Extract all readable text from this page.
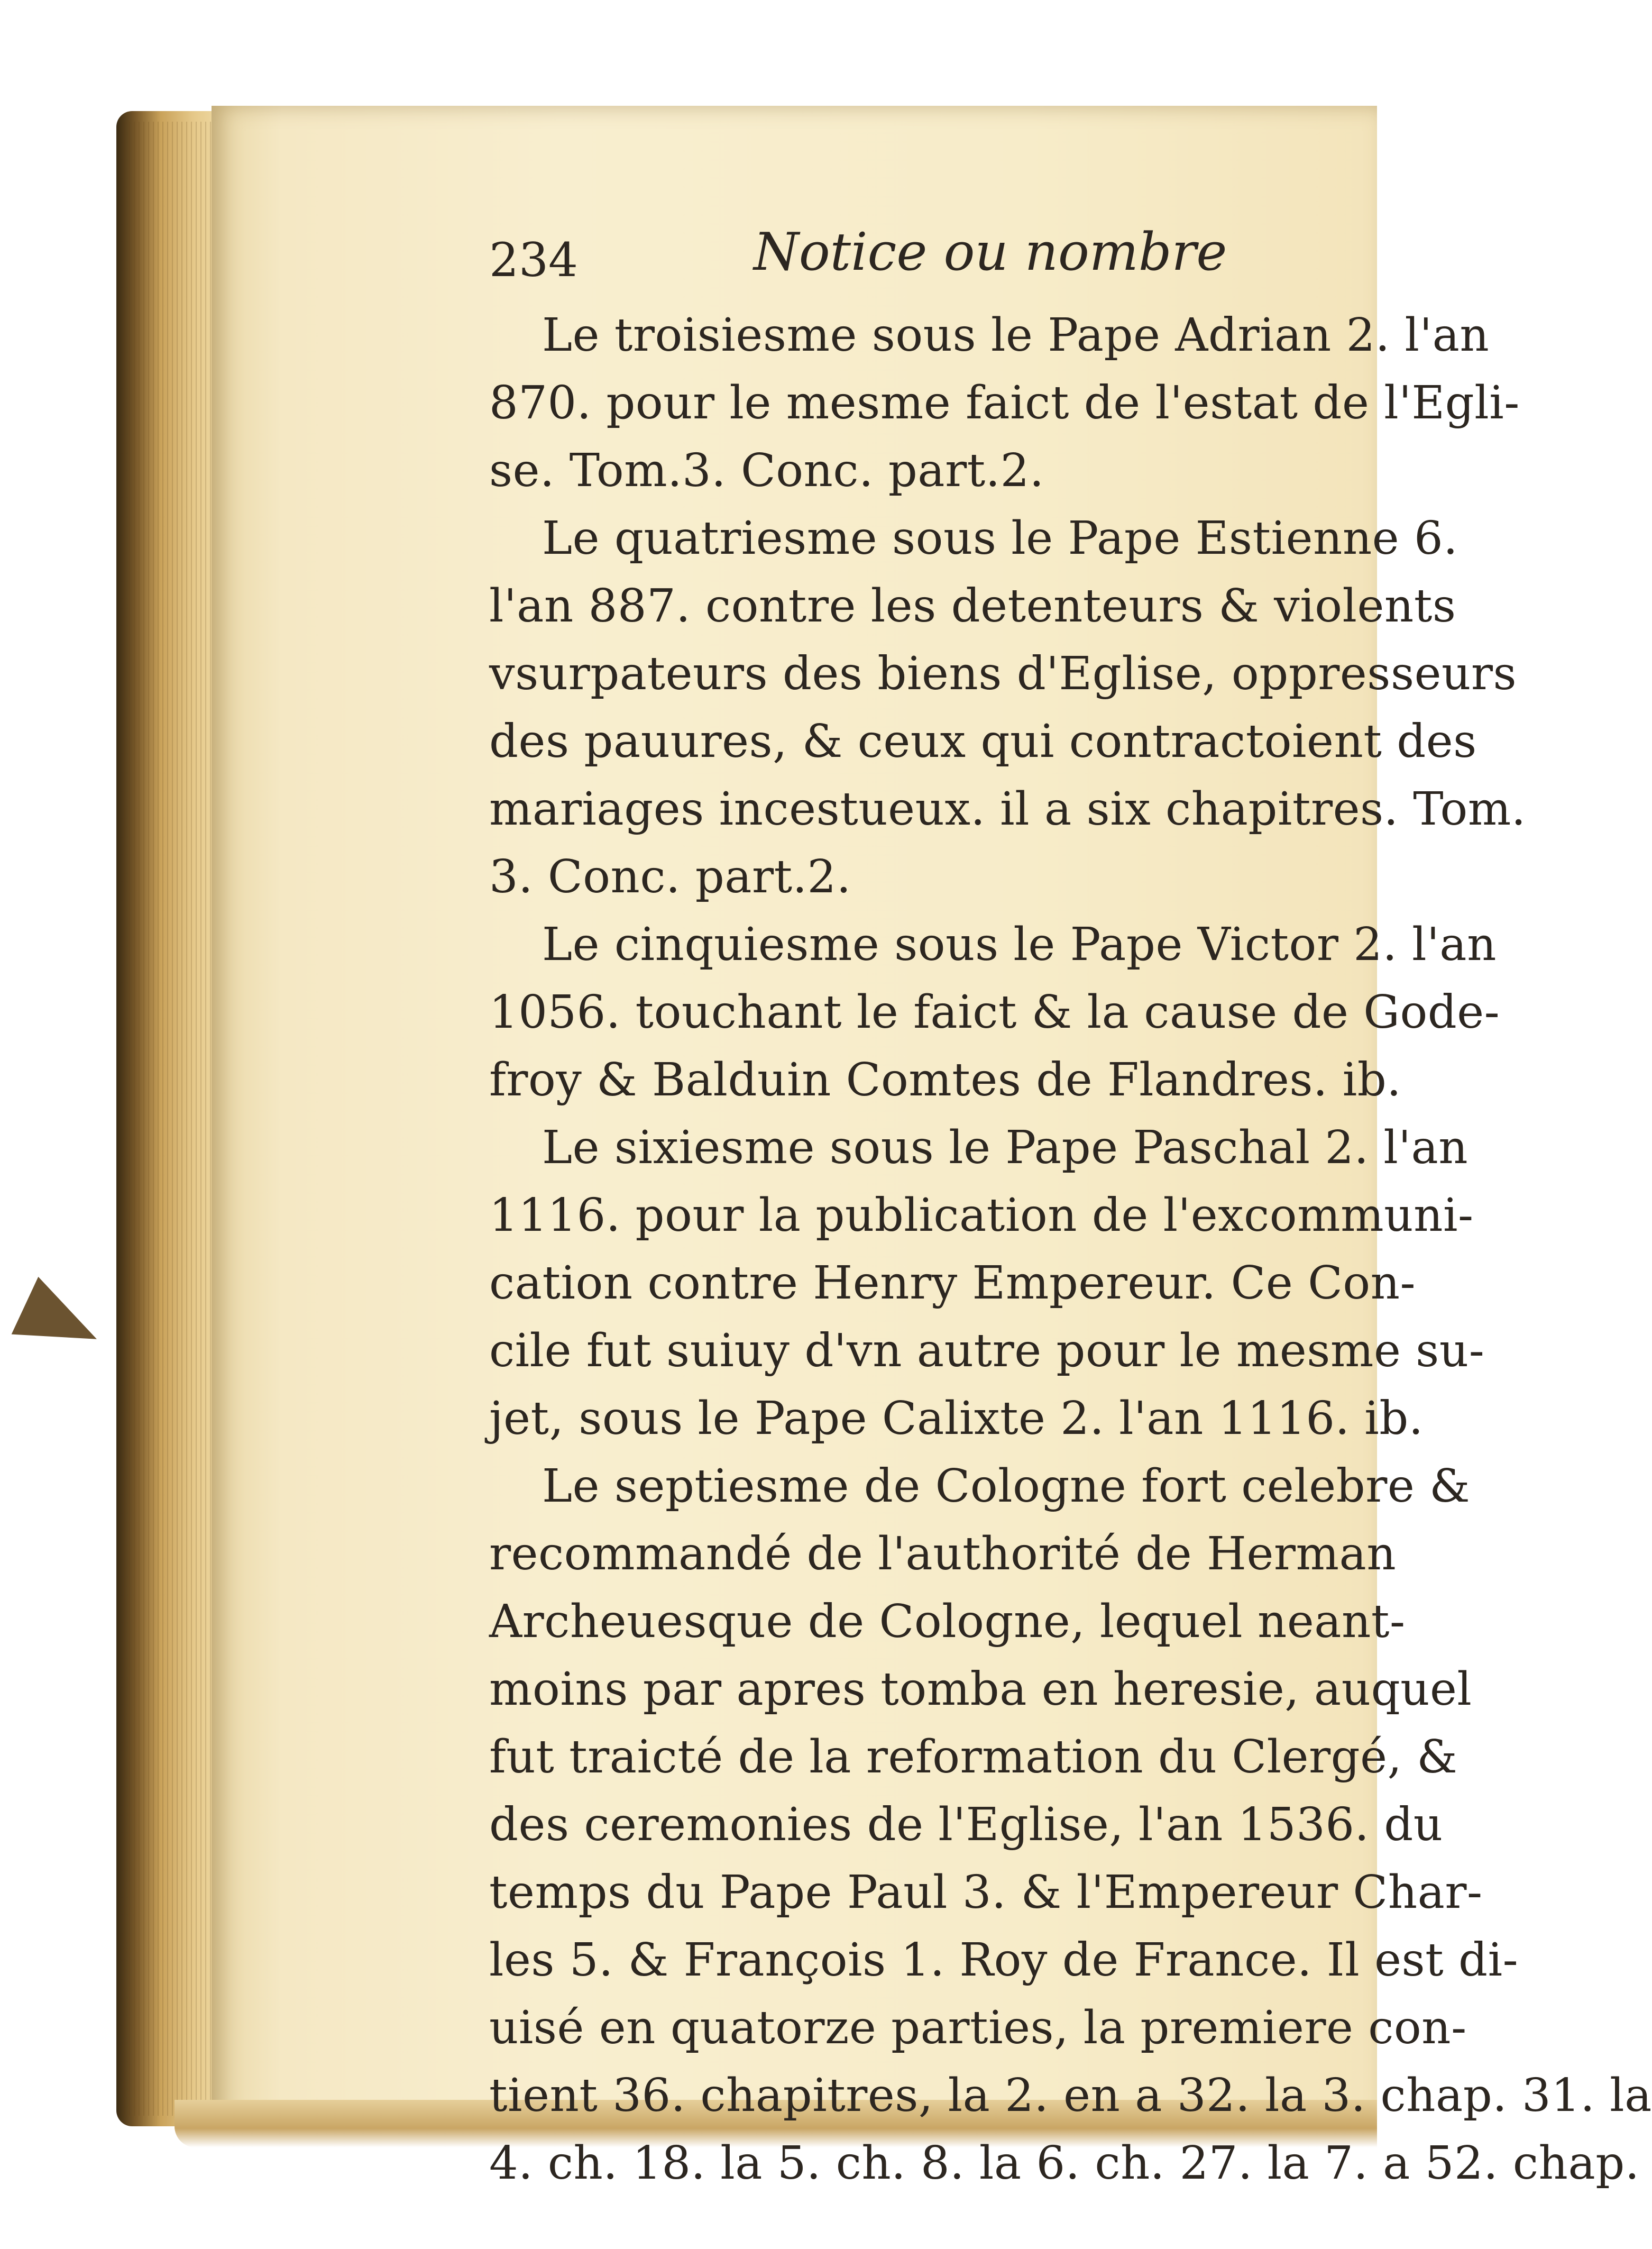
234	Notice ou nombre
Le troisiesme sous le Pape Adrian 2. l'an
870. pour le mesme faict de l'estat de l'Egli-
se. Tom.3. Conc. part.2.
Le quatriesme sous le Pape Estienne 6.
l'an 887. contre les detenteurs & violents
vsurpateurs des biens d'Eglise, oppresseurs
des pauures, & ceux qui contractoient des
mariages incestueux. il a six chapitres. Tom.
3. Conc. part.2.
Le cinquiesme sous le Pape Victor 2. l'an
1056. touchant le faict & la cause de Gode-
froy & Balduin Comtes de Flandres. ib.
Le sixiesme sous le Pape Paschal 2. l'an
1116. pour la publication de l'excommuni-
cation contre Henry Empereur. Ce Con-
cile fut suiuy d'vn autre pour le mesme su-
jet, sous le Pape Calixte 2. l'an 1116. ib.
Le septiesme de Cologne fort celebre &
recommandé de l'authorité de Herman
Archeuesque de Cologne, lequel neant-
moins par apres tomba en heresie, auquel
fut traicté de la reformation du Clergé, &
des ceremonies de l'Eglise, l'an 1536. du
temps du Pape Paul 3. & l'Empereur Char-
les 5. & François 1. Roy de France. Il est di-
uisé en quatorze parties, la premiere con-
tient 36. chapitres, la 2. en a 32. la 3. chap. 31. la
4. ch. 18. la 5. ch. 8. la 6. ch. 27. la 7. a 52. chap.
